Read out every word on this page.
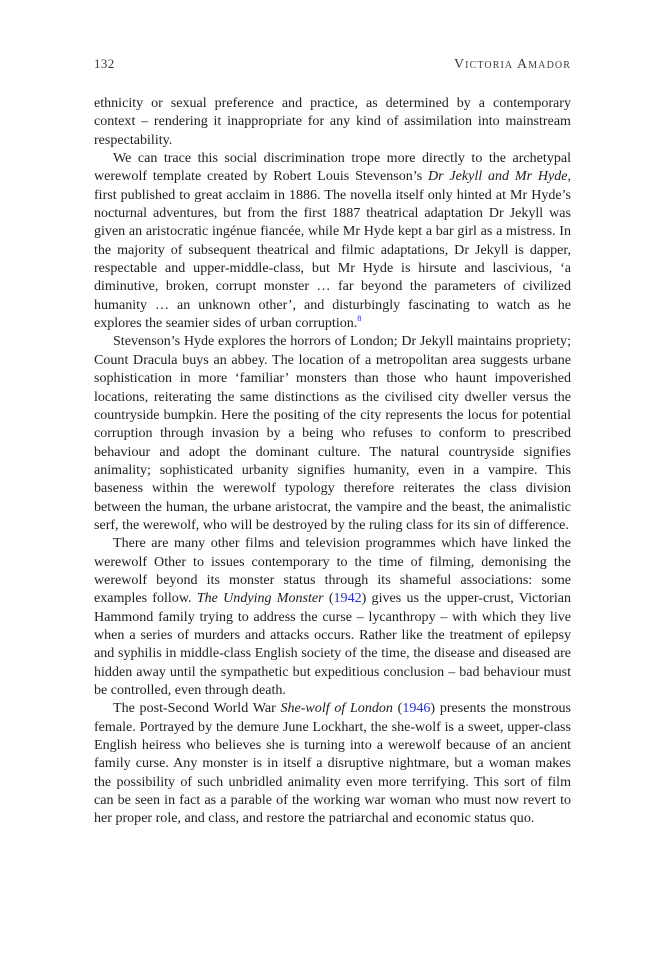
132	Victoria Amador

ethnicity or sexual preference and practice, as determined by a contemporary context – rendering it inappropriate for any kind of assimilation into mainstream respectability.

We can trace this social discrimination trope more directly to the archetypal werewolf template created by Robert Louis Stevenson’s Dr Jekyll and Mr Hyde, first published to great acclaim in 1886. The novella itself only hinted at Mr Hyde’s nocturnal adventures, but from the first 1887 theatrical adaptation Dr Jekyll was given an aristocratic ingénue fiancée, while Mr Hyde kept a bar girl as a mistress. In the majority of subsequent theatrical and filmic adaptations, Dr Jekyll is dapper, respectable and upper-middle-class, but Mr Hyde is hirsute and lascivious, ‘a diminutive, broken, corrupt monster … far beyond the parameters of civilized humanity … an unknown other’, and disturbingly fascinating to watch as he explores the seamier sides of urban corruption.$^8$

Stevenson’s Hyde explores the horrors of London; Dr Jekyll maintains propriety; Count Dracula buys an abbey. The location of a metropolitan area suggests urbane sophistication in more ‘familiar’ monsters than those who haunt impoverished locations, reiterating the same distinctions as the civilised city dweller versus the countryside bumpkin. Here the positing of the city represents the locus for potential corruption through invasion by a being who refuses to conform to prescribed behaviour and adopt the dominant culture. The natural countryside signifies animality; sophisticated urbanity signifies humanity, even in a vampire. This baseness within the werewolf typology therefore reiterates the class division between the human, the urbane aristocrat, the vampire and the beast, the animalistic serf, the werewolf, who will be destroyed by the ruling class for its sin of difference.

There are many other films and television programmes which have linked the werewolf Other to issues contemporary to the time of filming, demonising the werewolf beyond its monster status through its shameful associations: some examples follow. The Undying Monster (1942) gives us the upper-crust, Victorian Hammond family trying to address the curse – lycanthropy – with which they live when a series of murders and attacks occurs. Rather like the treatment of epilepsy and syphilis in middle-class English society of the time, the disease and diseased are hidden away until the sympathetic but expeditious conclusion – bad behaviour must be controlled, even through death.

The post-Second World War She-wolf of London (1946) presents the monstrous female. Portrayed by the demure June Lockhart, the she-wolf is a sweet, upper-class English heiress who believes she is turning into a werewolf because of an ancient family curse. Any monster is in itself a disruptive nightmare, but a woman makes the possibility of such unbridled animality even more terrifying. This sort of film can be seen in fact as a parable of the working war woman who must now revert to her proper role, and class, and restore the patriarchal and economic status quo.
